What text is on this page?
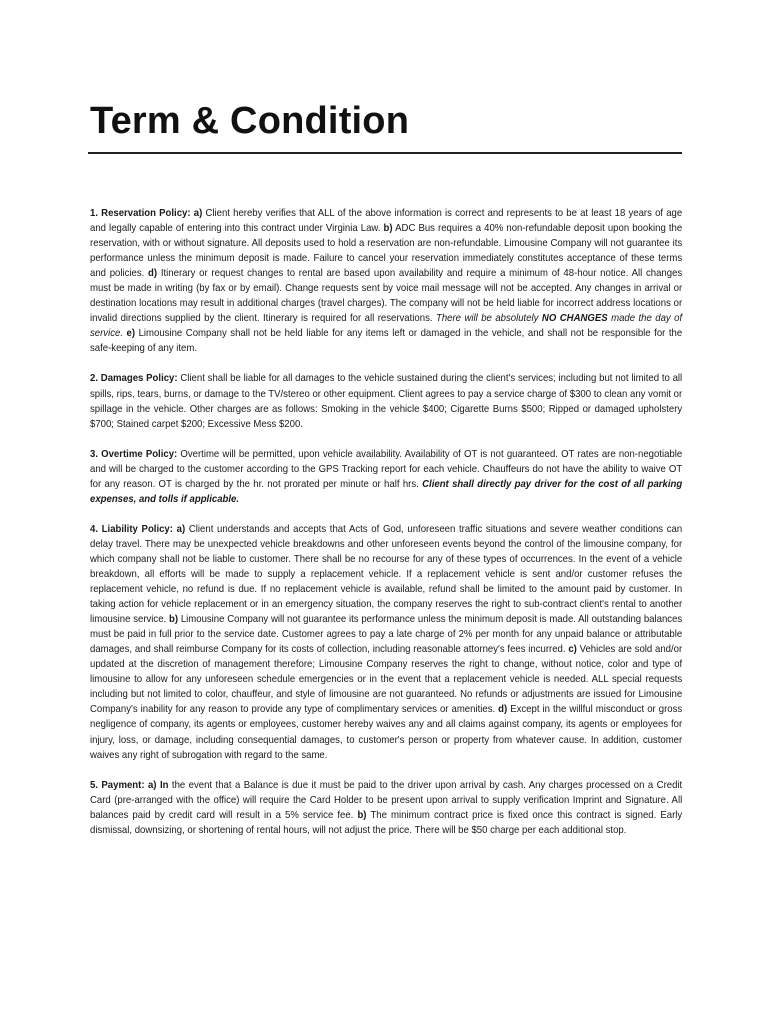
Term & Condition

1. Reservation Policy: a) Client hereby verifies that ALL of the above information is correct and represents to be at least 18 years of age and legally capable of entering into this contract under Virginia Law. b) ADC Bus requires a 40% non-refundable deposit upon booking the reservation, with or without signature. All deposits used to hold a reservation are non-refundable. Limousine Company will not guarantee its performance unless the minimum deposit is made. Failure to cancel your reservation immediately constitutes acceptance of these terms and policies. d) Itinerary or request changes to rental are based upon availability and require a minimum of 48-hour notice. All changes must be made in writing (by fax or by email). Change requests sent by voice mail message will not be accepted. Any changes in arrival or destination locations may result in additional charges (travel charges). The company will not be held liable for incorrect address locations or invalid directions supplied by the client. Itinerary is required for all reservations. There will be absolutely NO CHANGES made the day of service. e) Limousine Company shall not be held liable for any items left or damaged in the vehicle, and shall not be responsible for the safe-keeping of any item.

2. Damages Policy: Client shall be liable for all damages to the vehicle sustained during the client's services; including but not limited to all spills, rips, tears, burns, or damage to the TV/stereo or other equipment. Client agrees to pay a service charge of $300 to clean any vomit or spillage in the vehicle. Other charges are as follows: Smoking in the vehicle $400; Cigarette Burns $500; Ripped or damaged upholstery $700; Stained carpet $200; Excessive Mess $200.

3. Overtime Policy: Overtime will be permitted, upon vehicle availability. Availability of OT is not guaranteed. OT rates are non-negotiable and will be charged to the customer according to the GPS Tracking report for each vehicle. Chauffeurs do not have the ability to waive OT for any reason. OT is charged by the hr. not prorated per minute or half hrs. Client shall directly pay driver for the cost of all parking expenses, and tolls if applicable.

4. Liability Policy: a) Client understands and accepts that Acts of God, unforeseen traffic situations and severe weather conditions can delay travel. There may be unexpected vehicle breakdowns and other unforeseen events beyond the control of the limousine company, for which company shall not be liable to customer. There shall be no recourse for any of these types of occurrences. In the event of a vehicle breakdown, all efforts will be made to supply a replacement vehicle. If a replacement vehicle is sent and/or customer refuses the replacement vehicle, no refund is due. If no replacement vehicle is available, refund shall be limited to the amount paid by customer. In taking action for vehicle replacement or in an emergency situation, the company reserves the right to sub-contract client's rental to another limousine service. b) Limousine Company will not guarantee its performance unless the minimum deposit is made. All outstanding balances must be paid in full prior to the service date. Customer agrees to pay a late charge of 2% per month for any unpaid balance or attributable damages, and shall reimburse Company for its costs of collection, including reasonable attorney's fees incurred. c) Vehicles are sold and/or updated at the discretion of management therefore; Limousine Company reserves the right to change, without notice, color and type of limousine to allow for any unforeseen schedule emergencies or in the event that a replacement vehicle is needed. ALL special requests including but not limited to color, chauffeur, and style of limousine are not guaranteed. No refunds or adjustments are issued for Limousine Company's inability for any reason to provide any type of complimentary services or amenities. d) Except in the willful misconduct or gross negligence of company, its agents or employees, customer hereby waives any and all claims against company, its agents or employees for injury, loss, or damage, including consequential damages, to customer's person or property from whatever cause. In addition, customer waives any right of subrogation with regard to the same.

5. Payment: a) In the event that a Balance is due it must be paid to the driver upon arrival by cash. Any charges processed on a Credit Card (pre-arranged with the office) will require the Card Holder to be present upon arrival to supply verification Imprint and Signature. All balances paid by credit card will result in a 5% service fee. b) The minimum contract price is fixed once this contract is signed. Early dismissal, downsizing, or shortening of rental hours, will not adjust the price. There will be $50 charge per each additional stop.
